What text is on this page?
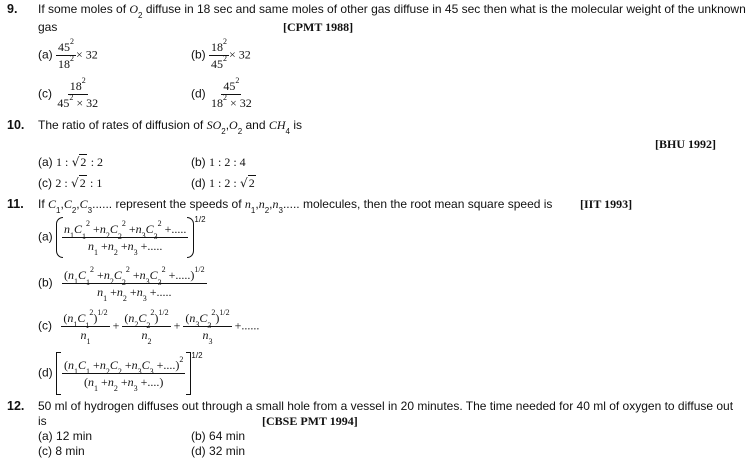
9. If some moles of $O_2$ diffuse in 18 sec and same moles of other gas diffuse in 45 sec then what is the molecular weight of the unknown
gas	[CPMT 1988]
$(a) \frac{45^2}{18^2} \times 32$	$(b) \frac{18^2}{45^2} \times 32$
$(c) \frac{18^2}{45^2 \times 32}$	$(d) \frac{45^2}{18^2 \times 32}$
10. The ratio of rates of diffusion of $SO_2,O_2$ and $CH_4$ is
[BHU 1992]
(a) 1 : √2 : 2	(b) 1 : 2 : 4
(c) 2 : √2 : 1	(d) 1 : 2 : √2
11. If $C_1,C_2,C_3$...... represent the speeds of $n_1,n_2,n_3$..... molecules, then the root mean square speed is [IIT 1993]
$(a) \frac{n_1C_1^2 +n_2C_2^2 +n_3C_3^2 +.....}{n_1 +n_2 +n_3 +.....}$
$^{1/2}$
$(b) \frac{(n_1C_1^2 +n_2C_2^2 +n_3C_3^2 +.....)^{1/2}}{n_1 +n_2 +n_3 +.....}$
$(c) \frac{(n_1C_1^2)^{1/2}}{n_1} + \frac{(n_2C_2^2)^{1/2}}{n_2} + \frac{(n_3C_3^2)^{1/2}}{n_3}$ +......
$(d) \frac{(n_1C_1 +n_2C_2 +n_3C_3 +....)^2}{(n_1 +n_2 +n_3 +....)}$
$^{1/2}$
12. 50 ml of hydrogen diffuses out through a small hole from a vessel in 20 minutes. The time needed for 40 ml of oxygen to diffuse out
is	[CBSE PMT 1994]
(a) 12 min	(b) 64 min
(c) 8 min	(d) 32 min
